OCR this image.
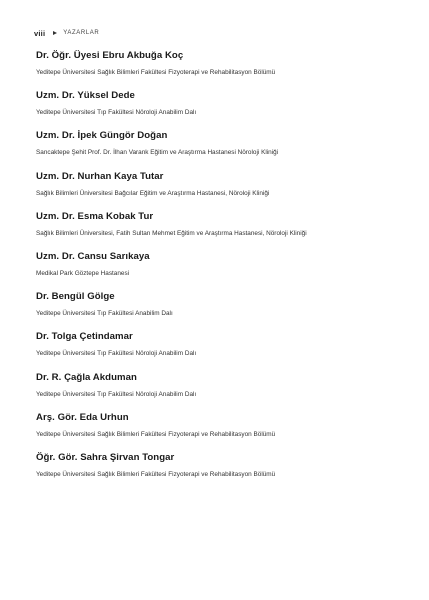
viii	YAZARLAR
Dr. Öğr. Üyesi Ebru Akbuğa Koç
Yeditepe Üniversitesi Sağlık Bilimleri Fakültesi Fizyoterapi ve Rehabilitasyon Bölümü
Uzm. Dr. Yüksel Dede
Yeditepe Üniversitesi Tıp Fakültesi Nöroloji Anabilim Dalı
Uzm. Dr. İpek Güngör Doğan
Sancaktepe Şehit Prof. Dr. İlhan Varank Eğitim ve Araştırma Hastanesi Nöroloji Kliniği
Uzm. Dr. Nurhan Kaya Tutar
Sağlık Bilimleri Üniversitesi Bağcılar Eğitim ve Araştırma Hastanesi, Nöroloji Kliniği
Uzm. Dr. Esma Kobak Tur
Sağlık Bilimleri Üniversitesi, Fatih Sultan Mehmet Eğitim ve Araştırma Hastanesi, Nöroloji Kliniği
Uzm. Dr. Cansu Sarıkaya
Medikal Park Göztepe Hastanesi
Dr. Bengül Gölge
Yeditepe Üniversitesi Tıp Fakültesi Anabilim Dalı
Dr. Tolga Çetindamar
Yeditepe Üniversitesi Tıp Fakültesi Nöroloji Anabilim Dalı
Dr. R. Çağla Akduman
Yeditepe Üniversitesi Tıp Fakültesi Nöroloji Anabilim Dalı
Arş. Gör. Eda Urhun
Yeditepe Üniversitesi Sağlık Bilimleri Fakültesi Fizyoterapi ve Rehabilitasyon Bölümü
Öğr. Gör. Sahra Şirvan Tongar
Yeditepe Üniversitesi Sağlık Bilimleri Fakültesi Fizyoterapi ve Rehabilitasyon Bölümü
